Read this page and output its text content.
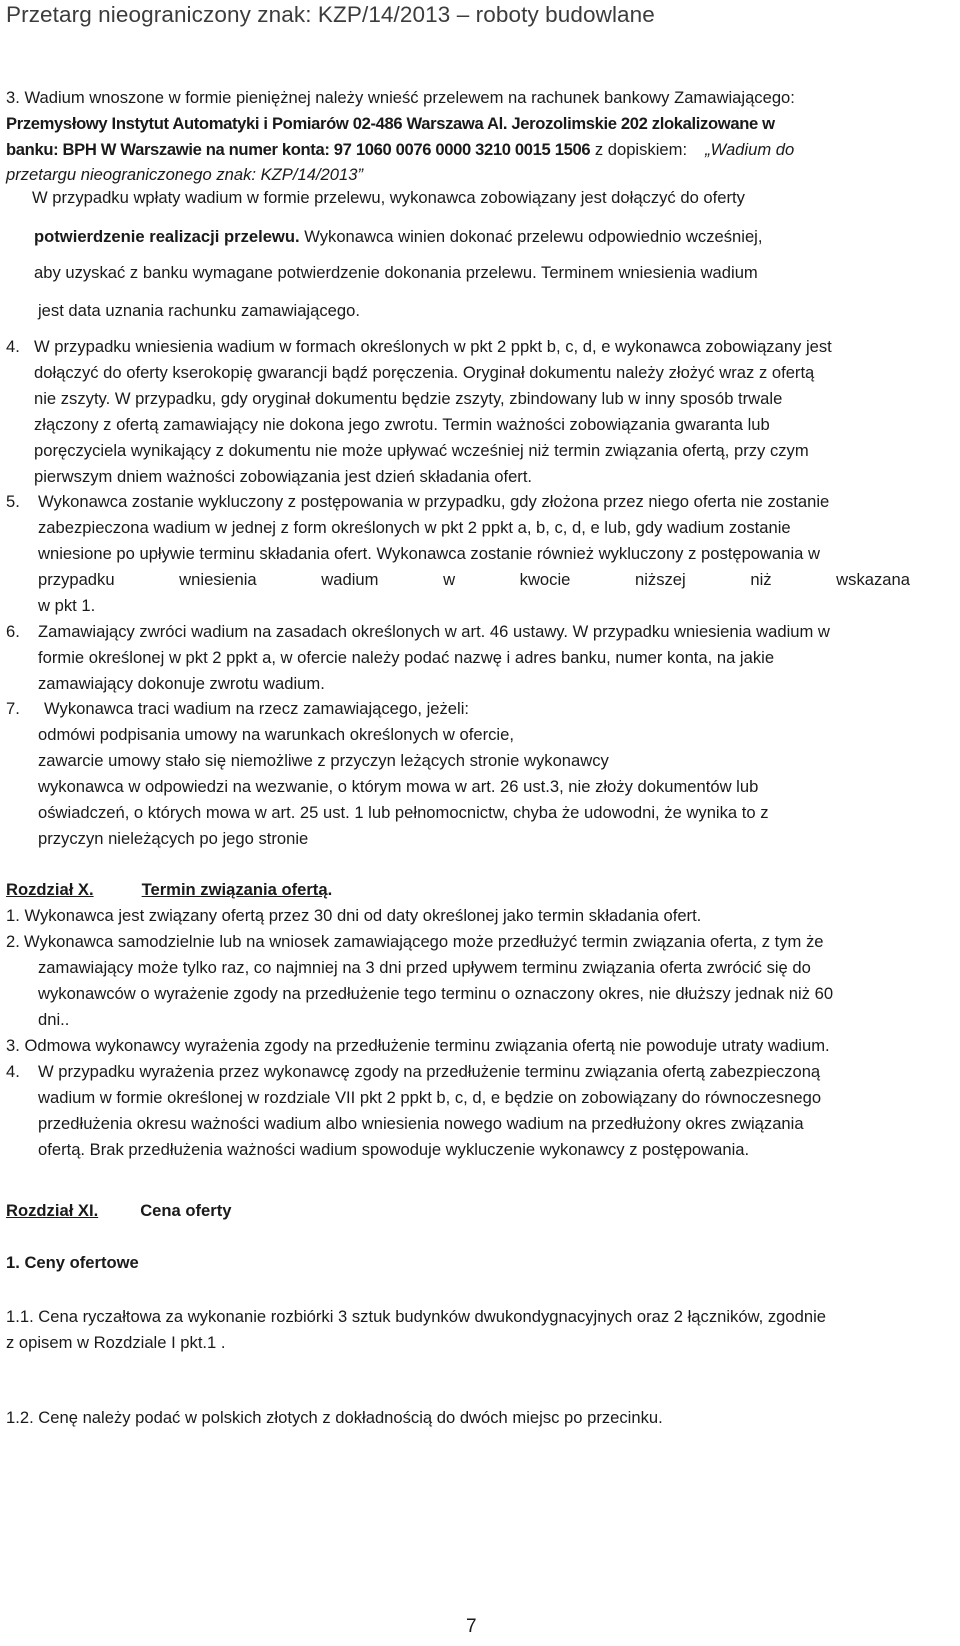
Przetarg nieograniczony znak: KZP/14/2013 – roboty budowlane
3. Wadium wnoszone w formie pieniężnej należy wnieść przelewem na rachunek bankowy Zamawiającego:
Przemysłowy Instytut Automatyki i Pomiarów 02-486 Warszawa Al. Jerozolimskie 202 zlokalizowane w
banku: BPH W Warszawie na numer konta: 97 1060 0076 0000 3210 0015 1506 z dopiskiem: „Wadium do
przetargu nieograniczonego znak: KZP/14/2013”
W przypadku wpłaty wadium w formie przelewu, wykonawca zobowiązany jest dołączyć do oferty
potwierdzenie realizacji przelewu. Wykonawca winien dokonać przelewu odpowiednio wcześniej,
aby uzyskać z banku wymagane potwierdzenie dokonania przelewu. Terminem wniesienia wadium
jest data uznania rachunku zamawiającego.
4. W przypadku wniesienia wadium w formach określonych w pkt 2 ppkt b, c, d, e wykonawca zobowiązany jest
dołączyć do oferty kserokopię gwarancji bądź poręczenia. Oryginał dokumentu należy złożyć wraz z ofertą
nie zszyty. W przypadku, gdy oryginał dokumentu będzie zszyty, zbindowany lub w inny sposób trwale
złączony z ofertą zamawiający nie dokona jego zwrotu. Termin ważności zobowiązania gwaranta lub
poręczyciela wynikający z dokumentu nie może upływać wcześniej niż termin związania ofertą, przy czym
pierwszym dniem ważności zobowiązania jest dzień składania ofert.
5. Wykonawca zostanie wykluczony z postępowania w przypadku, gdy złożona przez niego oferta nie zostanie
zabezpieczona wadium w jednej z form określonych w pkt 2 ppkt a, b, c, d, e lub, gdy wadium zostanie
wniesione po upływie terminu składania ofert. Wykonawca zostanie również wykluczony z postępowania w
przypadku	wniesienia	wadium	w	kwocie	niższej	niż	wskazana
w pkt 1.
6. Zamawiający zwróci wadium na zasadach określonych w art. 46 ustawy. W przypadku wniesienia wadium w
formie określonej w pkt 2 ppkt a, w ofercie należy podać nazwę i adres banku, numer konta, na jakie
zamawiający dokonuje zwrotu wadium.
7. Wykonawca traci wadium na rzecz zamawiającego, jeżeli:
odmówi podpisania umowy na warunkach określonych w ofercie,
zawarcie umowy stało się niemożliwe z przyczyn leżących stronie wykonawcy
wykonawca w odpowiedzi na wezwanie, o którym mowa w art. 26 ust.3, nie złoży dokumentów lub
oświadczeń, o których mowa w art. 25 ust. 1 lub pełnomocnictw, chyba że udowodni, że wynika to z
przyczyn nieleżących po jego stronie
Rozdział X.	Termin związania ofertą.
1. Wykonawca jest związany ofertą przez 30 dni od daty określonej jako termin składania ofert.
2. Wykonawca samodzielnie lub na wniosek zamawiającego może przedłużyć termin związania oferta, z tym że
zamawiający może tylko raz, co najmniej na 3 dni przed upływem terminu związania oferta zwrócić się do
wykonawców o wyrażenie zgody na przedłużenie tego terminu o oznaczony okres, nie dłuższy jednak niż 60
dni..
3. Odmowa wykonawcy wyrażenia zgody na przedłużenie terminu związania ofertą nie powoduje utraty wadium.
4. W przypadku wyrażenia przez wykonawcę zgody na przedłużenie terminu związania ofertą zabezpieczoną
wadium w formie określonej w rozdziale VII pkt 2 ppkt b, c, d, e będzie on zobowiązany do równoczesnego
przedłużenia okresu ważności wadium albo wniesienia nowego wadium na przedłużony okres związania
ofertą. Brak przedłużenia ważności wadium spowoduje wykluczenie wykonawcy z postępowania.
Rozdział XI.	Cena oferty
1. Ceny ofertowe
1.1. Cena ryczałtowa za wykonanie rozbiórki 3 sztuk budynków dwukondygnacyjnych oraz 2 łączników, zgodnie
z opisem w Rozdziale I pkt.1 .
1.2. Cenę należy podać w polskich złotych z dokładnością do dwóch miejsc po przecinku.
7
